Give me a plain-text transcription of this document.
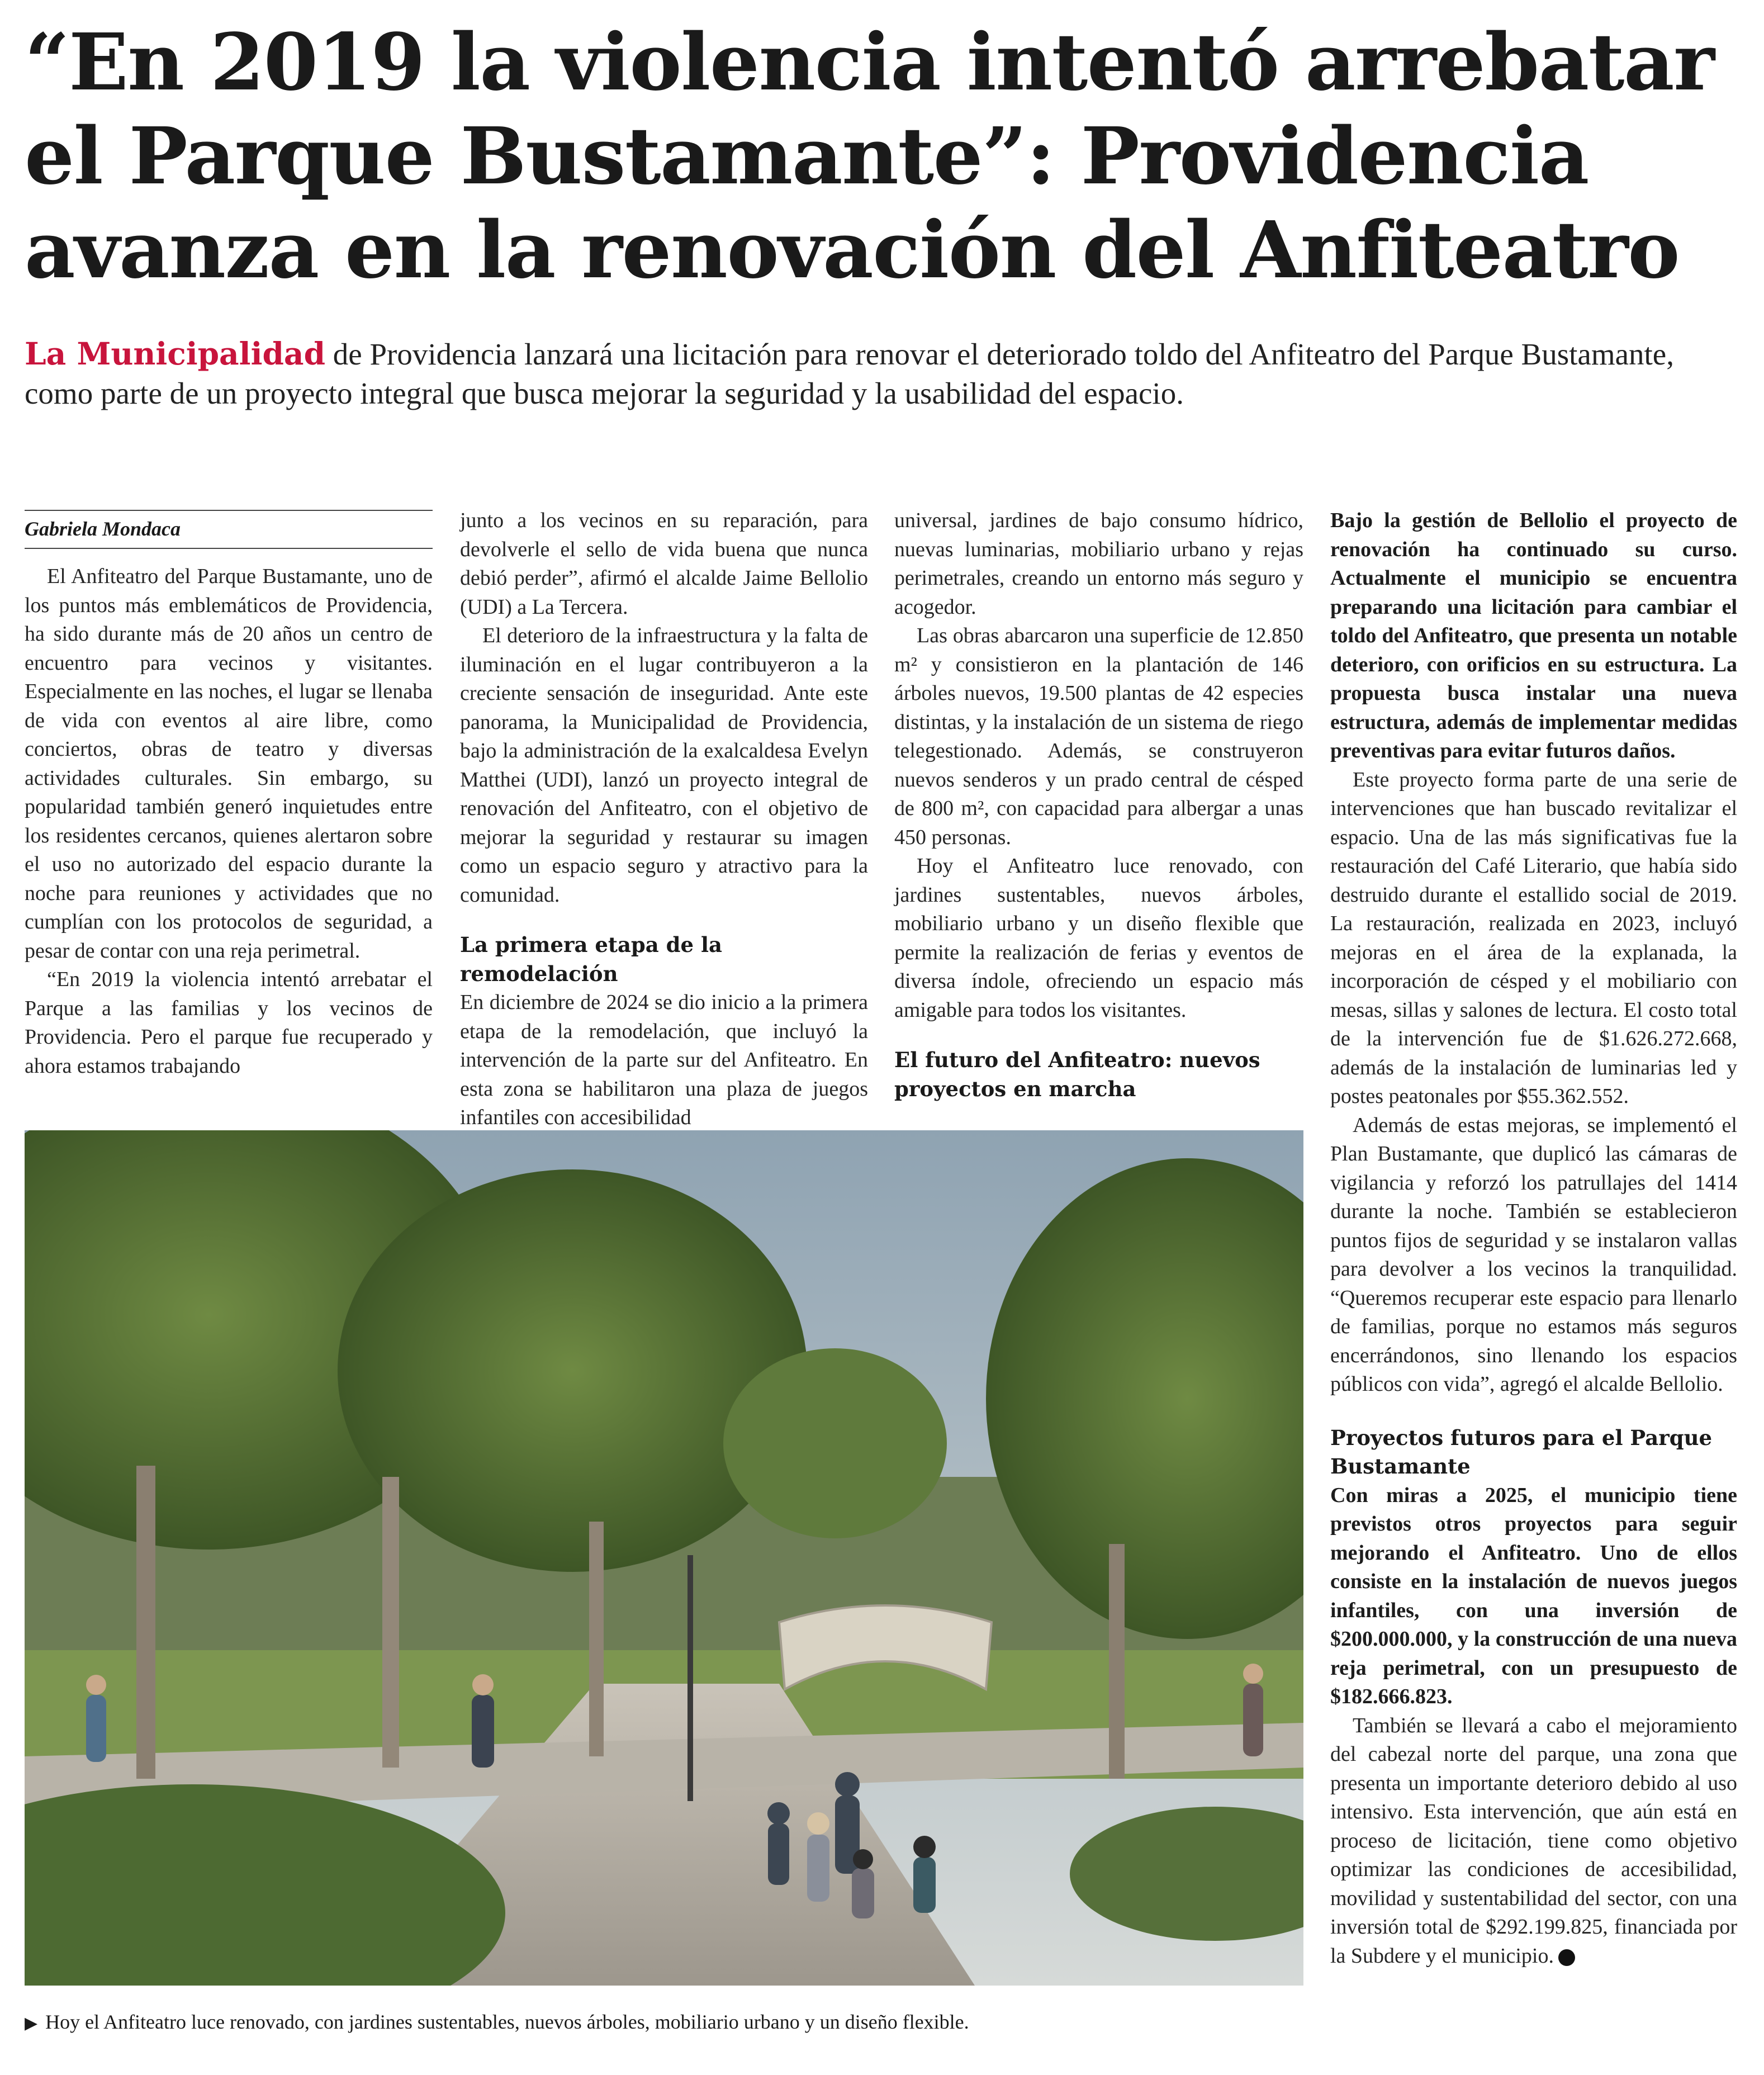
“En 2019 la violencia intentó arrebatar el Parque Bustamante”: Providencia avanza en la renovación del Anfiteatro

La Municipalidad de Providencia lanzará una licitación para renovar el deteriorado toldo del Anfiteatro del Parque Bustamante, como parte de un proyecto integral que busca mejorar la seguridad y la usabilidad del espacio.

Gabriela Mondaca

El Anfiteatro del Parque Bustamante, uno de los puntos más emblemáticos de Providencia, ha sido durante más de 20 años un centro de encuentro para vecinos y visitantes. Especialmente en las noches, el lugar se llenaba de vida con eventos al aire libre, como conciertos, obras de teatro y diversas actividades culturales. Sin embargo, su popularidad también generó inquietudes entre los residentes cercanos, quienes alertaron sobre el uso no autorizado del espacio durante la noche para reuniones y actividades que no cumplían con los protocolos de seguridad, a pesar de contar con una reja perimetral.

“En 2019 la violencia intentó arrebatar el Parque a las familias y los vecinos de Providencia. Pero el parque fue recuperado y ahora estamos trabajando

junto a los vecinos en su reparación, para devolverle el sello de vida buena que nunca debió perder”, afirmó el alcalde Jaime Bellolio (UDI) a La Tercera.

El deterioro de la infraestructura y la falta de iluminación en el lugar contribuyeron a la creciente sensación de inseguridad. Ante este panorama, la Municipalidad de Providencia, bajo la administración de la exalcaldesa Evelyn Matthei (UDI), lanzó un proyecto integral de renovación del Anfiteatro, con el objetivo de mejorar la seguridad y restaurar su imagen como un espacio seguro y atractivo para la comunidad.

La primera etapa de la remodelación

En diciembre de 2024 se dio inicio a la primera etapa de la remodelación, que incluyó la intervención de la parte sur del Anfiteatro. En esta zona se habilitaron una plaza de juegos infantiles con accesibilidad

universal, jardines de bajo consumo hídrico, nuevas luminarias, mobiliario urbano y rejas perimetrales, creando un entorno más seguro y acogedor.

Las obras abarcaron una superficie de 12.850 m² y consistieron en la plantación de 146 árboles nuevos, 19.500 plantas de 42 especies distintas, y la instalación de un sistema de riego telegestionado. Además, se construyeron nuevos senderos y un prado central de césped de 800 m², con capacidad para albergar a unas 450 personas.

Hoy el Anfiteatro luce renovado, con jardines sustentables, nuevos árboles, mobiliario urbano y un diseño flexible que permite la realización de ferias y eventos de diversa índole, ofreciendo un espacio más amigable para todos los visitantes.

El futuro del Anfiteatro: nuevos proyectos en marcha

Bajo la gestión de Bellolio el proyecto de renovación ha continuado su curso. Actualmente el municipio se encuentra preparando una licitación para cambiar el toldo del Anfiteatro, que presenta un notable deterioro, con orificios en su estructura. La propuesta busca instalar una nueva estructura, además de implementar medidas preventivas para evitar futuros daños.

Este proyecto forma parte de una serie de intervenciones que han buscado revitalizar el espacio. Una de las más significativas fue la restauración del Café Literario, que había sido destruido durante el estallido social de 2019. La restauración, realizada en 2023, incluyó mejoras en el área de la explanada, la incorporación de césped y el mobiliario con mesas, sillas y salones de lectura. El costo total de la intervención fue de $1.626.272.668, además de la instalación de luminarias led y postes peatonales por $55.362.552.

Además de estas mejoras, se implementó el Plan Bustamante, que duplicó las cámaras de vigilancia y reforzó los patrullajes del 1414 durante la noche. También se establecieron puntos fijos de seguridad y se instalaron vallas para devolver a los vecinos la tranquilidad. “Queremos recuperar este espacio para llenarlo de familias, porque no estamos más seguros encerrándonos, sino llenando los espacios públicos con vida”, agregó el alcalde Bellolio.

Proyectos futuros para el Parque Bustamante

Con miras a 2025, el municipio tiene previstos otros proyectos para seguir mejorando el Anfiteatro. Uno de ellos consiste en la instalación de nuevos juegos infantiles, con una inversión de $200.000.000, y la construcción de una nueva reja perimetral, con un presupuesto de $182.666.823.

También se llevará a cabo el mejoramiento del cabezal norte del parque, una zona que presenta un importante deterioro debido al uso intensivo. Esta intervención, que aún está en proceso de licitación, tiene como objetivo optimizar las condiciones de accesibilidad, movilidad y sustentabilidad del sector, con una inversión total de $292.199.825, financiada por la Subdere y el municipio.

▶ Hoy el Anfiteatro luce renovado, con jardines sustentables, nuevos árboles, mobiliario urbano y un diseño flexible.
